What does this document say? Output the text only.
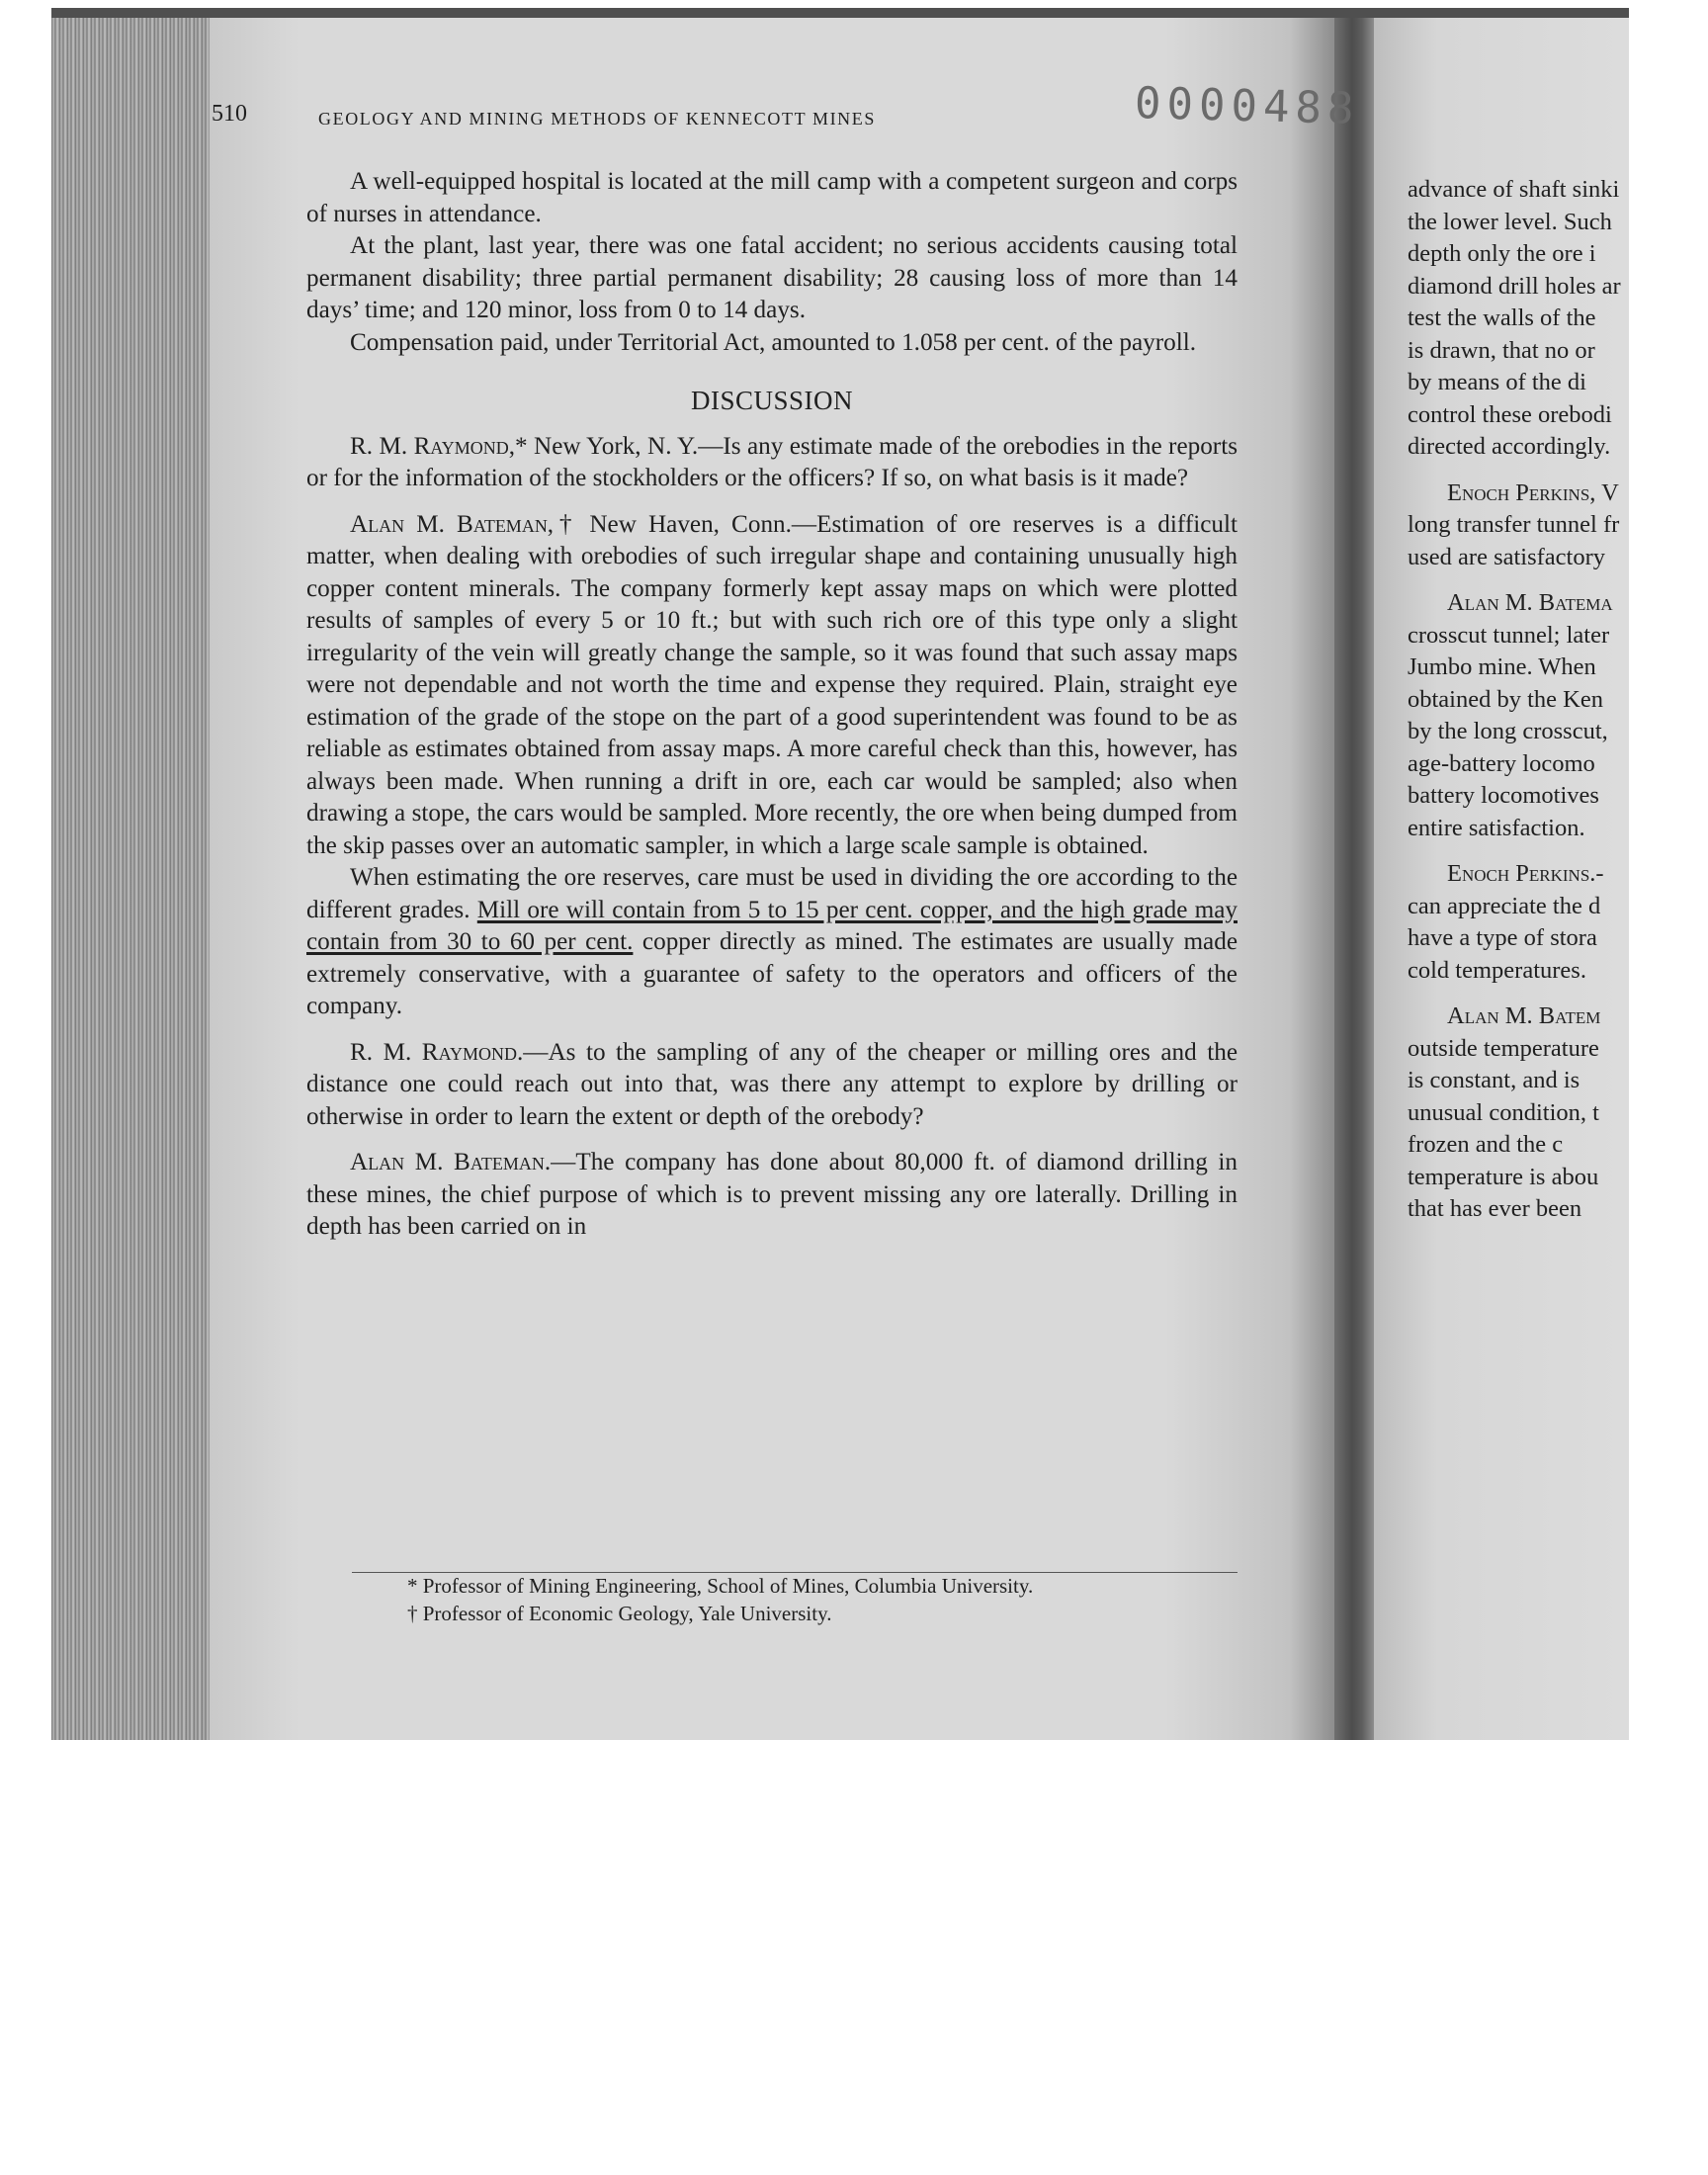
advance of shaft sinki
the lower level. Such
depth only the ore i
diamond drill holes ar
test the walls of the
is drawn, that no or
by means of the di
control these orebodi
directed accordingly.
Enoch Perkins, V
long transfer tunnel fr
used are satisfactory
Alan M. Batema
crosscut tunnel; later
Jumbo mine. When
obtained by the Ken
by the long crosscut,
age-battery locomo
battery locomotives
entire satisfaction.
Enoch Perkins.-
can appreciate the d
have a type of stora
cold temperatures.
Alan M. Batem
outside temperature
is constant, and is
unusual condition, t
frozen and the c
temperature is abou
that has ever been
510	GEOLOGY AND MINING METHODS OF KENNECOTT MINES	0000488

A well-equipped hospital is located at the mill camp with a competent surgeon and corps of nurses in attendance.

At the plant, last year, there was one fatal accident; no serious accidents causing total permanent disability; three partial permanent disability; 28 causing loss of more than 14 days’ time; and 120 minor, loss from 0 to 14 days.

Compensation paid, under Territorial Act, amounted to 1.058 per cent. of the payroll.

DISCUSSION

R. M. Raymond,* New York, N. Y.—Is any estimate made of the orebodies in the reports or for the information of the stockholders or the officers? If so, on what basis is it made?

Alan M. Bateman,† New Haven, Conn.—Estimation of ore reserves is a difficult matter, when dealing with orebodies of such irregular shape and containing unusually high copper content minerals. The company formerly kept assay maps on which were plotted results of samples of every 5 or 10 ft.; but with such rich ore of this type only a slight irregularity of the vein will greatly change the sample, so it was found that such assay maps were not dependable and not worth the time and expense they required. Plain, straight eye estimation of the grade of the stope on the part of a good superintendent was found to be as reliable as estimates obtained from assay maps. A more careful check than this, however, has always been made. When running a drift in ore, each car would be sampled; also when drawing a stope, the cars would be sampled. More recently, the ore when being dumped from the skip passes over an automatic sampler, in which a large scale sample is obtained.

When estimating the ore reserves, care must be used in dividing the ore according to the different grades. Mill ore will contain from 5 to 15 per cent. copper, and the high grade may contain from 30 to 60 per cent. copper directly as mined. The estimates are usually made extremely conservative, with a guarantee of safety to the operators and officers of the company.

R. M. Raymond.—As to the sampling of any of the cheaper or milling ores and the distance one could reach out into that, was there any attempt to explore by drilling or otherwise in order to learn the extent or depth of the orebody?

Alan M. Bateman.—The company has done about 80,000 ft. of diamond drilling in these mines, the chief purpose of which is to prevent missing any ore laterally. Drilling in depth has been carried on in

* Professor of Mining Engineering, School of Mines, Columbia University.
† Professor of Economic Geology, Yale University.
